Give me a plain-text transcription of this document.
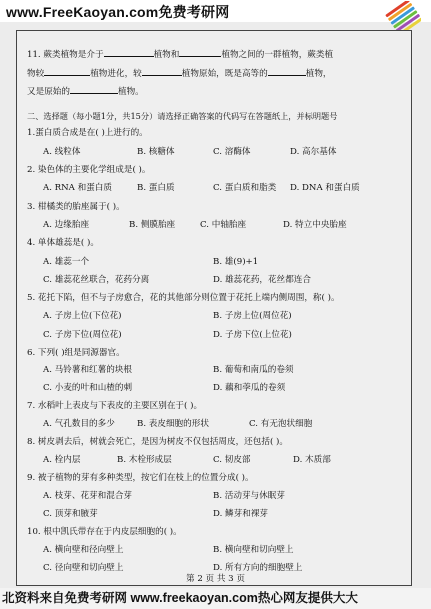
www.FreeKaoyan.com免费考研网
11. 蕨类植物是介于	植物和	植物之间的一群植物，蕨类植
物较	植物进化，较	植物原始，既是高等的	植物，
又是原始的	植物。
二、选择题（每小题1分，共15分）请选择正确答案的代码写在答题纸上，并标明题号
1.蛋白质合成是在( )上进行的。
A. 线粒体	B. 核糖体	C. 溶酶体	D. 高尔基体
2. 染色体的主要化学组成是( )。
A. RNA 和蛋白质	B. 蛋白质	C. 蛋白质和脂类 D. DNA 和蛋白质
3. 柑橘类的胎座属于( )。
A. 边缘胎座	B. 侧膜胎座	C. 中轴胎座	D. 特立中央胎座
4. 单体雄蕊是( )。
A. 雄蕊一个	B. 雄(9)+1
C. 雄蕊花丝联合，花药分离	D. 雄蕊花药，花丝都连合
5. 花托下陷，但不与子房愈合，花的其他部分则位置于花托上端内侧周围，称( )。
A. 子房上位(下位花)	B. 子房上位(周位花)
C. 子房下位(周位花)	D. 子房下位(上位花)
6. 下列( )组是同源器官。
A. 马铃薯和红薯的块根	B. 葡萄和南瓜的卷须
C. 小麦的叶和山楂的刺	D. 藕和荸瓜的卷须
7. 水稻叶上表皮与下表皮的主要区别在于( )。
A. 气孔数目的多少	B. 表皮细胞的形状	C. 有无泡状细胞
8. 树皮剥去后，树就会死亡，是因为树皮不仅包括周皮，还包括( )。
A. 栓内层	B. 木栓形成层	C. 韧皮部	D. 木质部
9. 被子植物的芽有多种类型，按它们在枝上的位置分成( )。
A. 枝芽、花芽和混合芽	B. 活动芽与休眠芽
C. 顶芽和腋芽	D. 鳞芽和裸芽
10. 根中凯氏带存在于内皮层细胞的( )。
A. 横向壁和径向壁上	B. 横向壁和切向壁上
C. 径向壁和切向壁上	D. 所有方向的细胞壁上
第 2 页 共 3 页
北资料来自免费考研网 www.freekaoyan.com热心网友提供大大
